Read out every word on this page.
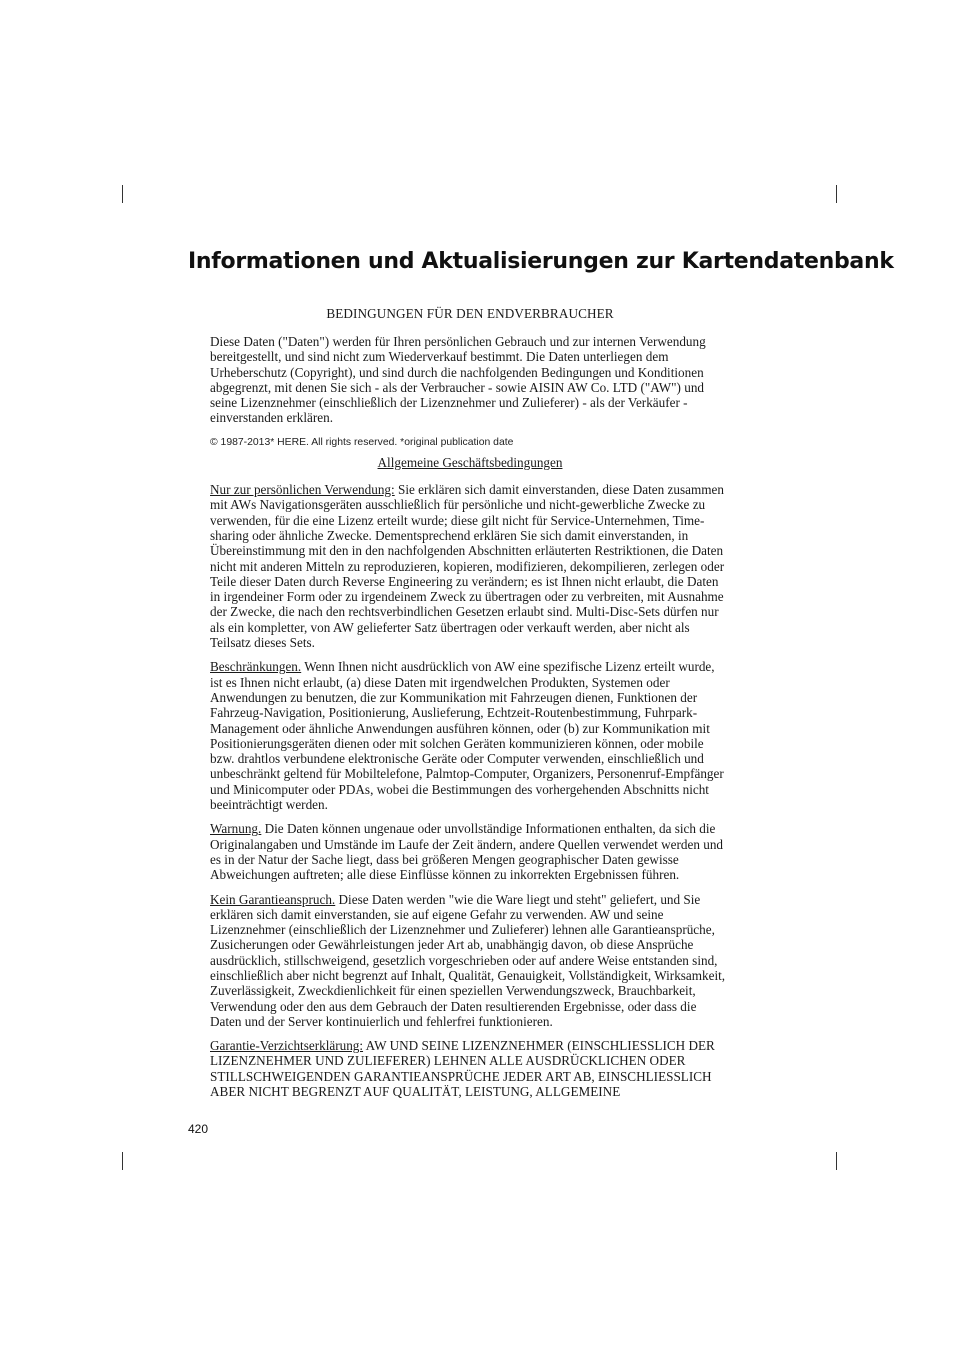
Informationen und Aktualisierungen zur Kartendatenbank

BEDINGUNGEN FÜR DEN ENDVERBRAUCHER

Diese Daten ("Daten") werden für Ihren persönlichen Gebrauch und zur internen Verwendung bereitgestellt, und sind nicht zum Wiederverkauf bestimmt. Die Daten unterliegen dem Urheberschutz (Copyright), und sind durch die nachfolgenden Bedingungen und Konditionen abgegrenzt, mit denen Sie sich - als der Verbraucher - sowie AISIN AW Co. LTD ("AW") und seine Lizenznehmer (einschließlich der Lizenznehmer und Zulieferer) - als der Verkäufer - einverstanden erklären.

© 1987-2013* HERE. All rights reserved. *original publication date

Allgemeine Geschäftsbedingungen

Nur zur persönlichen Verwendung: Sie erklären sich damit einverstanden, diese Daten zusammen mit AWs Navigationsgeräten ausschließlich für persönliche und nicht-gewerbliche Zwecke zu verwenden, für die eine Lizenz erteilt wurde; diese gilt nicht für Service-Unternehmen, Time-sharing oder ähnliche Zwecke. Dementsprechend erklären Sie sich damit einverstanden, in Übereinstimmung mit den in den nachfolgenden Abschnitten erläuterten Restriktionen, die Daten nicht mit anderen Mitteln zu reproduzieren, kopieren, modifizieren, dekompilieren, zerlegen oder Teile dieser Daten durch Reverse Engineering zu verändern; es ist Ihnen nicht erlaubt, die Daten in irgendeiner Form oder zu irgendeinem Zweck zu übertragen oder zu verbreiten, mit Ausnahme der Zwecke, die nach den rechtsverbindlichen Gesetzen erlaubt sind. Multi-Disc-Sets dürfen nur als ein kompletter, von AW gelieferter Satz übertragen oder verkauft werden, aber nicht als Teilsatz dieses Sets.

Beschränkungen. Wenn Ihnen nicht ausdrücklich von AW eine spezifische Lizenz erteilt wurde, ist es Ihnen nicht erlaubt, (a) diese Daten mit irgendwelchen Produkten, Systemen oder Anwendungen zu benutzen, die zur Kommunikation mit Fahrzeugen dienen, Funktionen der Fahrzeug-Navigation, Positionierung, Auslieferung, Echtzeit-Routenbestimmung, Fuhrpark-Management oder ähnliche Anwendungen ausführen können, oder (b) zur Kommunikation mit Positionierungsgeräten dienen oder mit solchen Geräten kommunizieren können, oder mobile bzw. drahtlos verbundene elektronische Geräte oder Computer verwenden, einschließlich und unbeschränkt geltend für Mobiltelefone, Palmtop-Computer, Organizers, Personenruf-Empfänger und Minicomputer oder PDAs, wobei die Bestimmungen des vorhergehenden Abschnitts nicht beeinträchtigt werden.

Warnung. Die Daten können ungenaue oder unvollständige Informationen enthalten, da sich die Originalangaben und Umstände im Laufe der Zeit ändern, andere Quellen verwendet werden und es in der Natur der Sache liegt, dass bei größeren Mengen geographischer Daten gewisse Abweichungen auftreten; alle diese Einflüsse können zu inkorrekten Ergebnissen führen.

Kein Garantieanspruch. Diese Daten werden "wie die Ware liegt und steht" geliefert, und Sie erklären sich damit einverstanden, sie auf eigene Gefahr zu verwenden. AW und seine Lizenznehmer (einschließlich der Lizenznehmer und Zulieferer) lehnen alle Garantieansprüche, Zusicherungen oder Gewährleistungen jeder Art ab, unabhängig davon, ob diese Ansprüche ausdrücklich, stillschweigend, gesetzlich vorgeschrieben oder auf andere Weise entstanden sind, einschließlich aber nicht begrenzt auf Inhalt, Qualität, Genauigkeit, Vollständigkeit, Wirksamkeit, Zuverlässigkeit, Zweckdienlichkeit für einen speziellen Verwendungszweck, Brauchbarkeit, Verwendung oder den aus dem Gebrauch der Daten resultierenden Ergebnisse, oder dass die Daten und der Server kontinuierlich und fehlerfrei funktionieren.

Garantie-Verzichtserklärung: AW UND SEINE LIZENZNEHMER (EINSCHLIESSLICH DER LIZENZNEHMER UND ZULIEFERER) LEHNEN ALLE AUSDRÜCKLICHEN ODER STILLSCHWEIGENDEN GARANTIEANSPRÜCHE JEDER ART AB, EINSCHLIESSLICH ABER NICHT BEGRENZT AUF QUALITÄT, LEISTUNG, ALLGEMEINE

420
